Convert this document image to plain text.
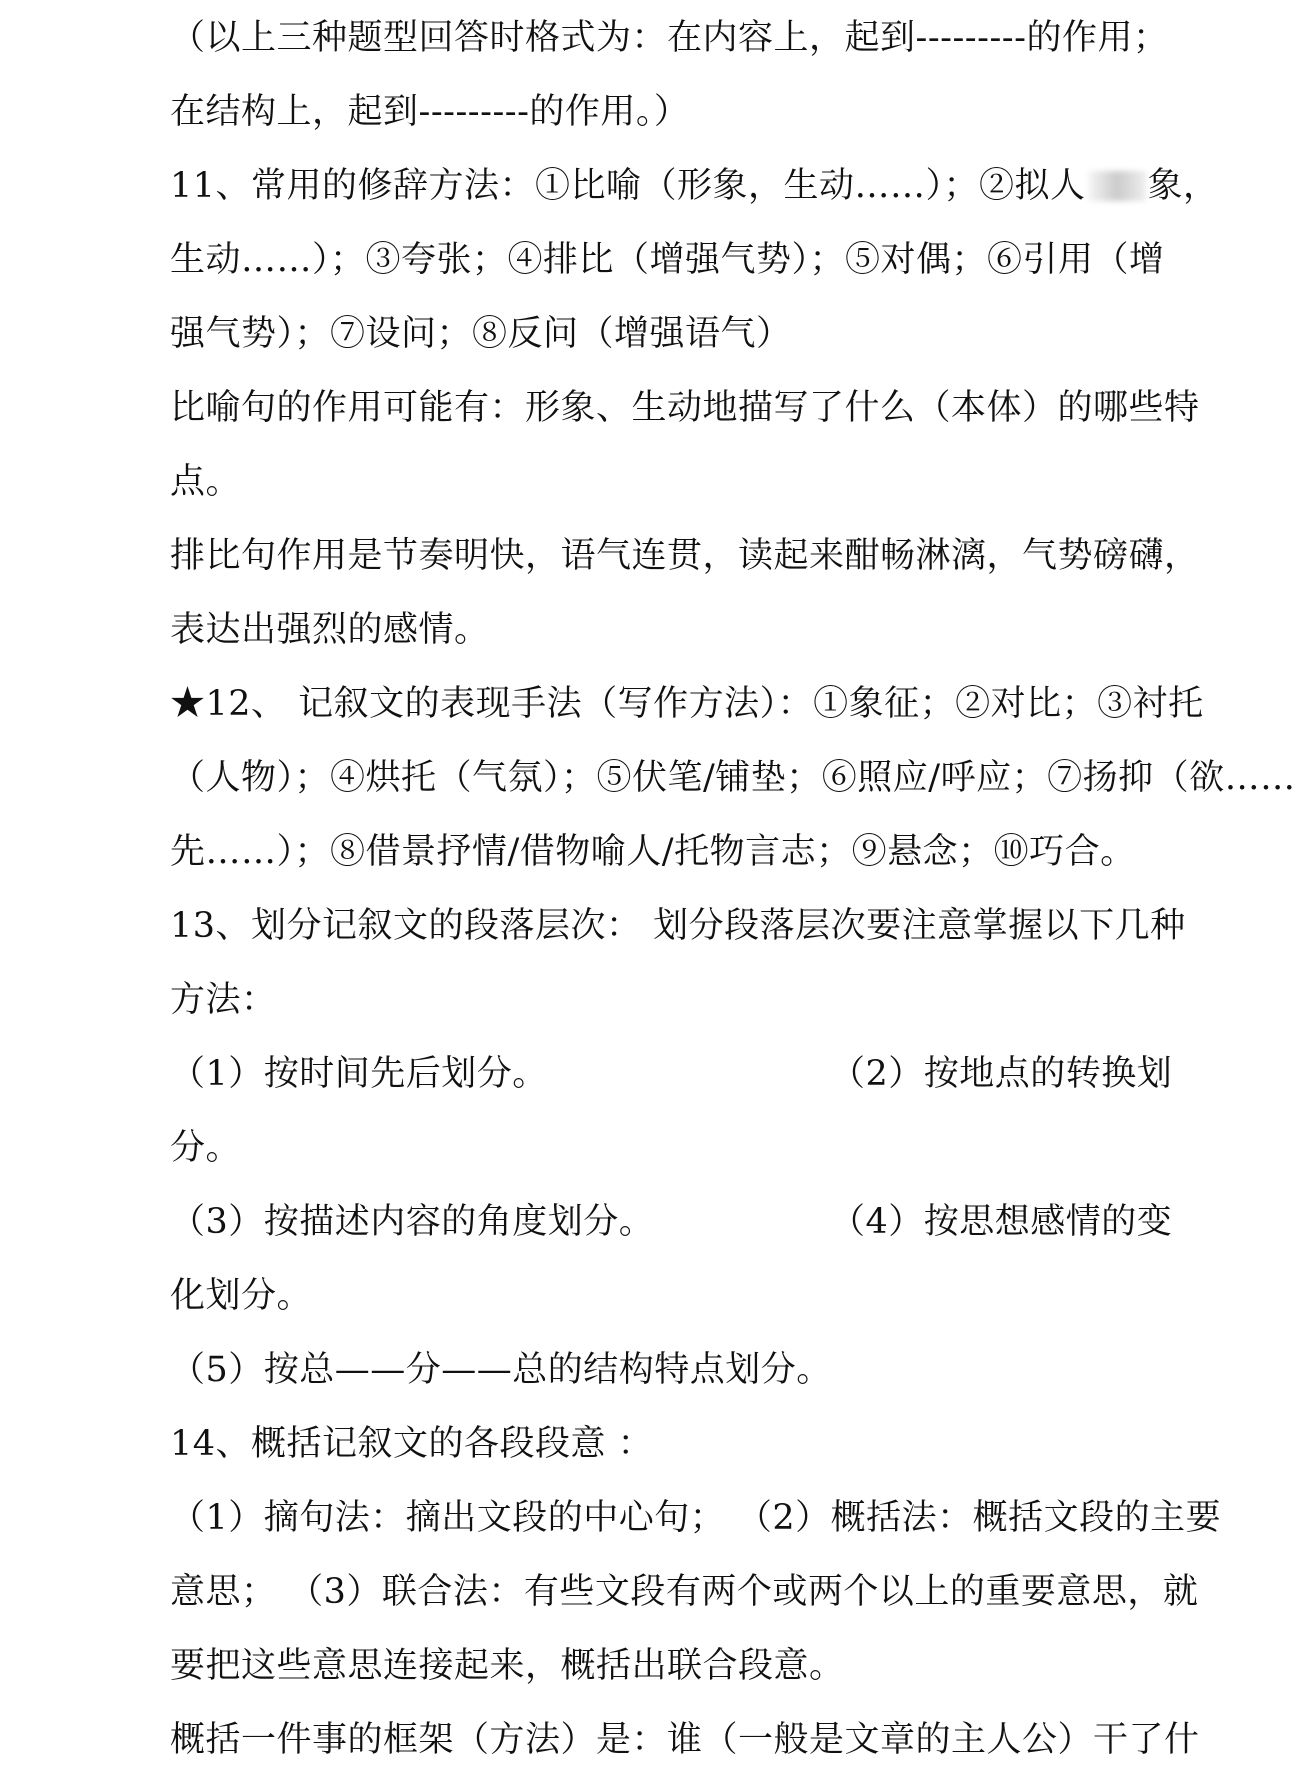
（以上三种题型回答时格式为：在内容上，起到---------的作用；
在结构上，起到---------的作用。）
11、常用的修辞方法：①比喻（形象，生动……）；②拟人 象，
生动……）；③夸张；④排比（增强气势）；⑤对偶；⑥引用（增
强气势）；⑦设问；⑧反问（增强语气）
比喻句的作用可能有：形象、生动地描写了什么（本体）的哪些特
点。
排比句作用是节奏明快，语气连贯，读起来酣畅淋漓，气势磅礴，
表达出强烈的感情。
★12、 记叙文的表现手法（写作方法）：①象征；②对比；③衬托
（人物）；④烘托（气氛）；⑤伏笔/铺垫；⑥照应/呼应；⑦扬抑（欲……
先……）；⑧借景抒情/借物喻人/托物言志；⑨悬念；⑩巧合。
13、划分记叙文的段落层次： 划分段落层次要注意掌握以下几种
方法：
（1）按时间先后划分。	（2）按地点的转换划
分。
（3）按描述内容的角度划分。	（4）按思想感情的变
化划分。
（5）按总——分——总的结构特点划分。
14、概括记叙文的各段段意 ：
（1）摘句法：摘出文段的中心句； （2）概括法：概括文段的主要
意思； （3）联合法：有些文段有两个或两个以上的重要意思，就
要把这些意思连接起来，概括出联合段意。
概括一件事的框架（方法）是：谁（一般是文章的主人公）干了什
